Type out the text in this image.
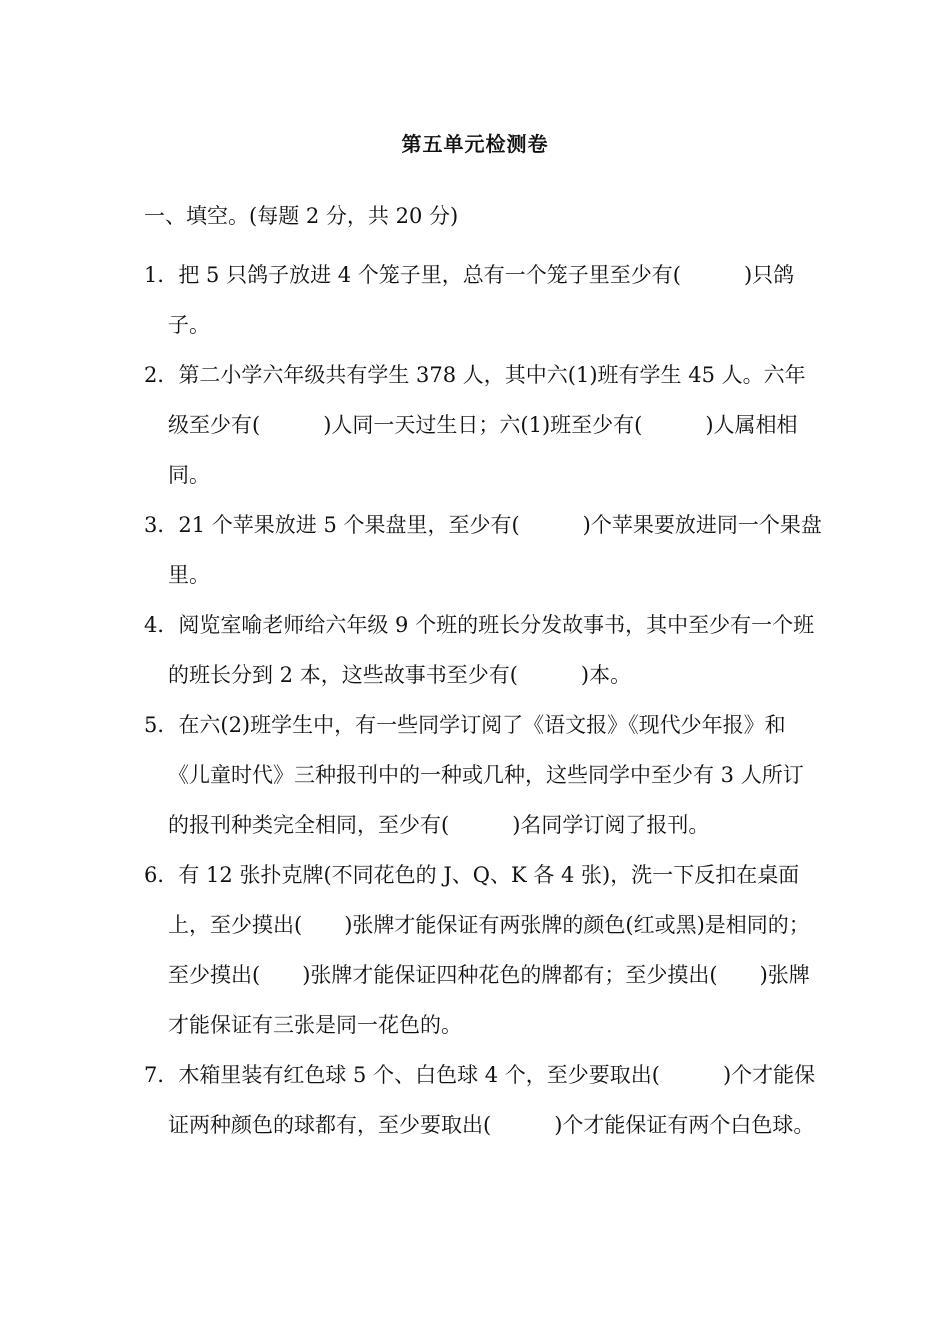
第五单元检测卷
一、填空。(每题 2 分，共 20 分)
1．把 5 只鸽子放进 4 个笼子里，总有一个笼子里至少有(　　　)只鸽子。
2．第二小学六年级共有学生 378 人，其中六(1)班有学生 45 人。六年级至少有(　　　)人同一天过生日；六(1)班至少有(　　　)人属相相同。
3．21 个苹果放进 5 个果盘里，至少有(　　　)个苹果要放进同一个果盘里。
4．阅览室喻老师给六年级 9 个班的班长分发故事书，其中至少有一个班的班长分到 2 本，这些故事书至少有(　　　)本。
5．在六(2)班学生中，有一些同学订阅了《语文报》《现代少年报》和《儿童时代》三种报刊中的一种或几种，这些同学中至少有 3 人所订的报刊种类完全相同，至少有(　　　)名同学订阅了报刊。
6．有 12 张扑克牌(不同花色的 J、Q、K 各 4 张)，洗一下反扣在桌面上，至少摸出(　　)张牌才能保证有两张牌的颜色(红或黑)是相同的；至少摸出(　　)张牌才能保证四种花色的牌都有；至少摸出(　　)张牌才能保证有三张是同一花色的。
7．木箱里装有红色球 5 个、白色球 4 个，至少要取出(　　　)个才能保证两种颜色的球都有，至少要取出(　　　)个才能保证有两个白色球。
